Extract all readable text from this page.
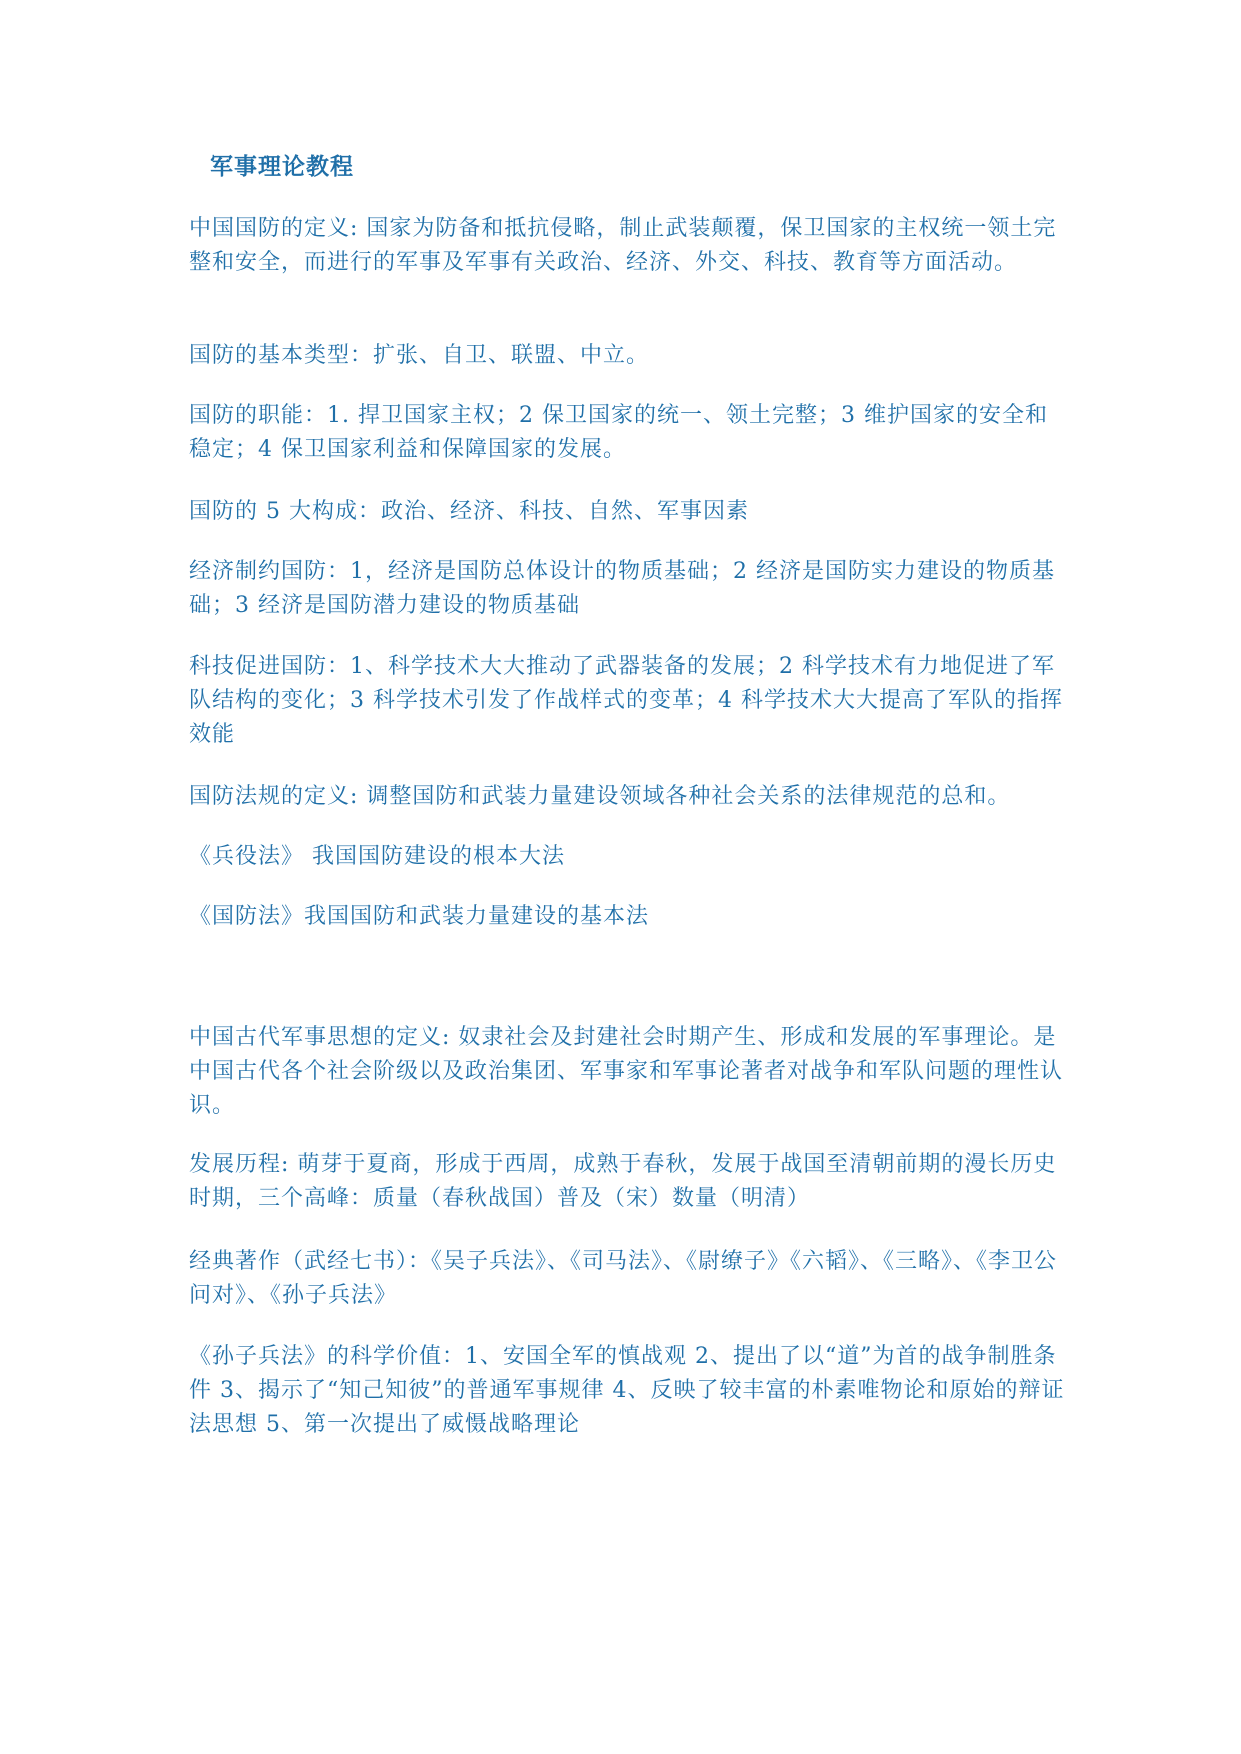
军事理论教程

中国国防的定义: 国家为防备和抵抗侵略，制止武装颠覆，保卫国家的主权统一领土完整和安全，而进行的军事及军事有关政治、经济、外交、科技、教育等方面活动。

国防的基本类型：扩张、自卫、联盟、中立。

国防的职能：1. 捍卫国家主权；2 保卫国家的统一、领土完整；3 维护国家的安全和稳定；4 保卫国家利益和保障国家的发展。

国防的 5 大构成：政治、经济、科技、自然、军事因素

经济制约国防：1，经济是国防总体设计的物质基础；2 经济是国防实力建设的物质基础；3 经济是国防潜力建设的物质基础

科技促进国防：1、科学技术大大推动了武器装备的发展；2 科学技术有力地促进了军队结构的变化；3 科学技术引发了作战样式的变革；4 科学技术大大提高了军队的指挥效能

国防法规的定义: 调整国防和武装力量建设领域各种社会关系的法律规范的总和。

《兵役法》 我国国防建设的根本大法

《国防法》我国国防和武装力量建设的基本法

中国古代军事思想的定义: 奴隶社会及封建社会时期产生、形成和发展的军事理论。是中国古代各个社会阶级以及政治集团、军事家和军事论著者对战争和军队问题的理性认识。

发展历程: 萌芽于夏商，形成于西周，成熟于春秋，发展于战国至清朝前期的漫长历史时期，三个高峰：质量（春秋战国）普及（宋）数量（明清）

经典著作（武经七书）：《吴子兵法》、《司马法》、《尉缭子》《六韬》、《三略》、《李卫公问对》、《孙子兵法》

《孙子兵法》的科学价值：1、安国全军的慎战观 2、提出了以“道”为首的战争制胜条件 3、揭示了“知己知彼”的普通军事规律 4、反映了较丰富的朴素唯物论和原始的辩证法思想 5、第一次提出了威慑战略理论
